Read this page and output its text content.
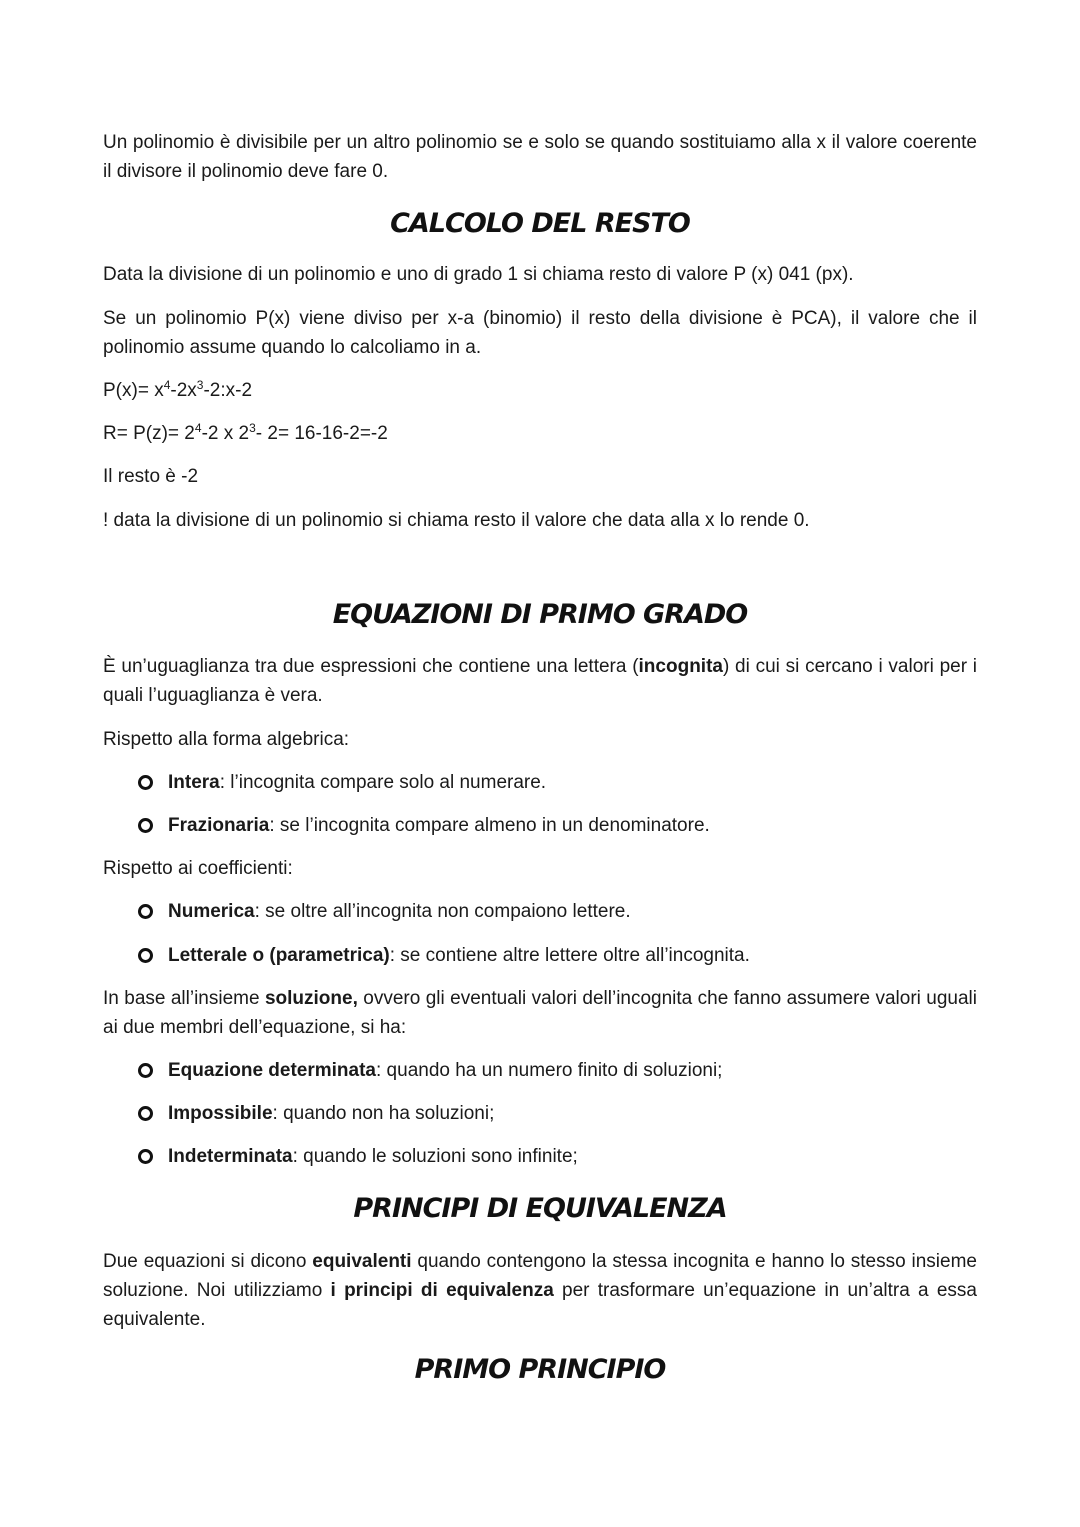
Un polinomio è divisibile per un altro polinomio se e solo se quando sostituiamo alla x il valore coerente il divisore il polinomio deve fare 0.

CALCOLO DEL RESTO

Data la divisione di un polinomio e uno di grado 1 si chiama resto di valore P (x) 041 (px).

Se un polinomio P(x) viene diviso per x-a (binomio) il resto della divisione è PCA), il valore che il polinomio assume quando lo calcoliamo in a.

$P(x)= x^4-2x^3-2:x-2$

$R= P(z)= 2^4-2$ x $2^3-$ 2= 16-16-2=-2

Il resto è -2

! data la divisione di un polinomio si chiama resto il valore che data alla x lo rende 0.

EQUAZIONI DI PRIMO GRADO

È un’uguaglianza tra due espressioni che contiene una lettera (incognita) di cui si cercano i valori per i quali l’uguaglianza è vera.

Rispetto alla forma algebrica:

Intera: l’incognita compare solo al numerare.
Frazionaria: se l’incognita compare almeno in un denominatore.

Rispetto ai coefficienti:

Numerica: se oltre all’incognita non compaiono lettere.
Letterale o (parametrica): se contiene altre lettere oltre all’incognita.

In base all’insieme soluzione, ovvero gli eventuali valori dell’incognita che fanno assumere valori uguali ai due membri dell’equazione, si ha:

Equazione determinata: quando ha un numero finito di soluzioni;
Impossibile: quando non ha soluzioni;
Indeterminata: quando le soluzioni sono infinite;
PRINCIPI DI EQUIVALENZA

Due equazioni si dicono equivalenti quando contengono la stessa incognita e hanno lo stesso insieme soluzione. Noi utilizziamo i principi di equivalenza per trasformare un’equazione in un’altra a essa equivalente.

PRIMO PRINCIPIO
